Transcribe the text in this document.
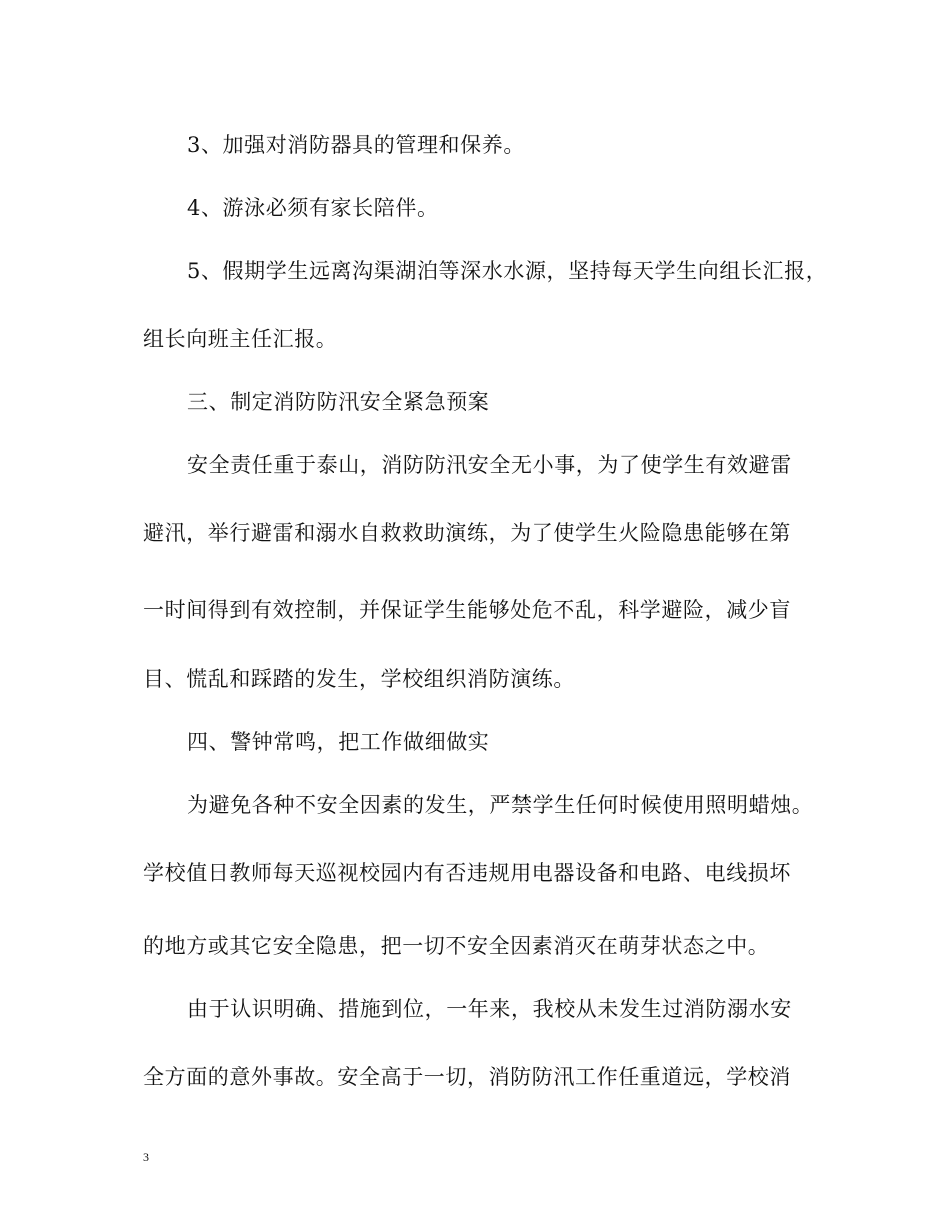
3、加强对消防器具的管理和保养。
4、游泳必须有家长陪伴。
5、假期学生远离沟渠湖泊等深水水源，坚持每天学生向组长汇报，
组长向班主任汇报。
三、制定消防防汛安全紧急预案
安全责任重于泰山，消防防汛安全无小事，为了使学生有效避雷
避汛，举行避雷和溺水自救救助演练，为了使学生火险隐患能够在第
一时间得到有效控制，并保证学生能够处危不乱，科学避险，减少盲
目、慌乱和踩踏的发生，学校组织消防演练。
四、警钟常鸣，把工作做细做实
为避免各种不安全因素的发生，严禁学生任何时候使用照明蜡烛。
学校值日教师每天巡视校园内有否违规用电器设备和电路、电线损坏
的地方或其它安全隐患，把一切不安全因素消灭在萌芽状态之中。
由于认识明确、措施到位，一年来，我校从未发生过消防溺水安
全方面的意外事故。安全高于一切，消防防汛工作任重道远，学校消
3
